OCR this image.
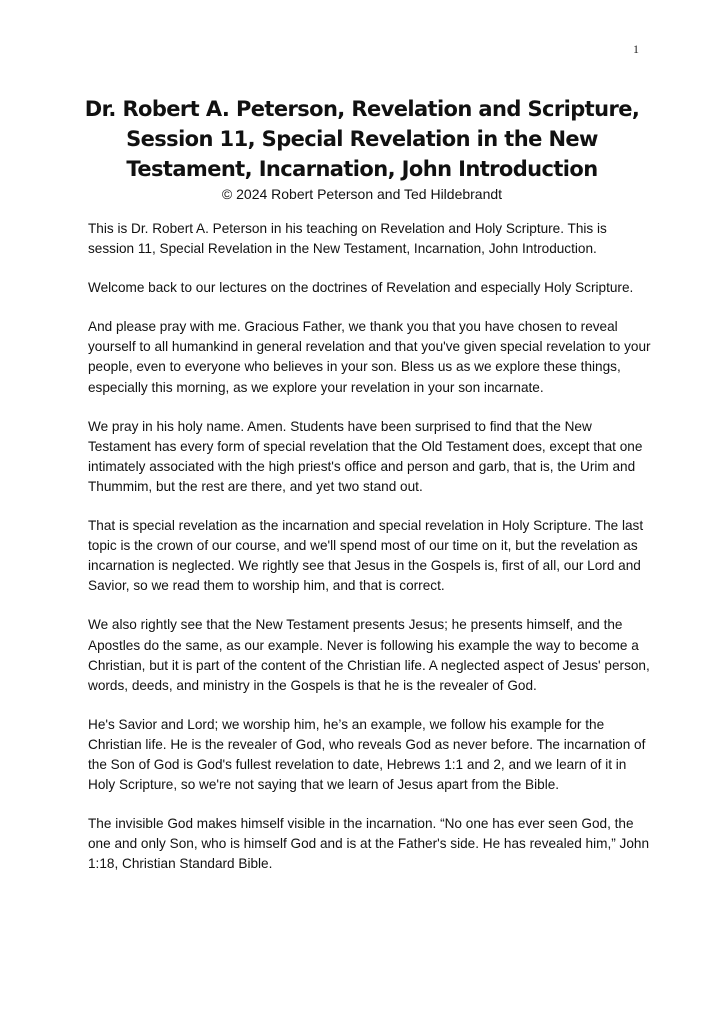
1
Dr. Robert A. Peterson, Revelation and Scripture, Session 11, Special Revelation in the New Testament, Incarnation, John Introduction

© 2024 Robert Peterson and Ted Hildebrandt

This is Dr. Robert A. Peterson in his teaching on Revelation and Holy Scripture. This is session 11, Special Revelation in the New Testament, Incarnation, John Introduction.

Welcome back to our lectures on the doctrines of Revelation and especially Holy Scripture.

And please pray with me. Gracious Father, we thank you that you have chosen to reveal yourself to all humankind in general revelation and that you've given special revelation to your people, even to everyone who believes in your son. Bless us as we explore these things, especially this morning, as we explore your revelation in your son incarnate.

We pray in his holy name. Amen. Students have been surprised to find that the New Testament has every form of special revelation that the Old Testament does, except that one intimately associated with the high priest's office and person and garb, that is, the Urim and Thummim, but the rest are there, and yet two stand out.

That is special revelation as the incarnation and special revelation in Holy Scripture. The last topic is the crown of our course, and we'll spend most of our time on it, but the revelation as incarnation is neglected. We rightly see that Jesus in the Gospels is, first of all, our Lord and Savior, so we read them to worship him, and that is correct.

We also rightly see that the New Testament presents Jesus; he presents himself, and the Apostles do the same, as our example. Never is following his example the way to become a Christian, but it is part of the content of the Christian life. A neglected aspect of Jesus' person, words, deeds, and ministry in the Gospels is that he is the revealer of God.

He's Savior and Lord; we worship him, he’s an example, we follow his example for the Christian life. He is the revealer of God, who reveals God as never before. The incarnation of the Son of God is God's fullest revelation to date, Hebrews 1:1 and 2, and we learn of it in Holy Scripture, so we're not saying that we learn of Jesus apart from the Bible.

The invisible God makes himself visible in the incarnation. “No one has ever seen God, the one and only Son, who is himself God and is at the Father's side. He has revealed him,” John 1:18, Christian Standard Bible.
